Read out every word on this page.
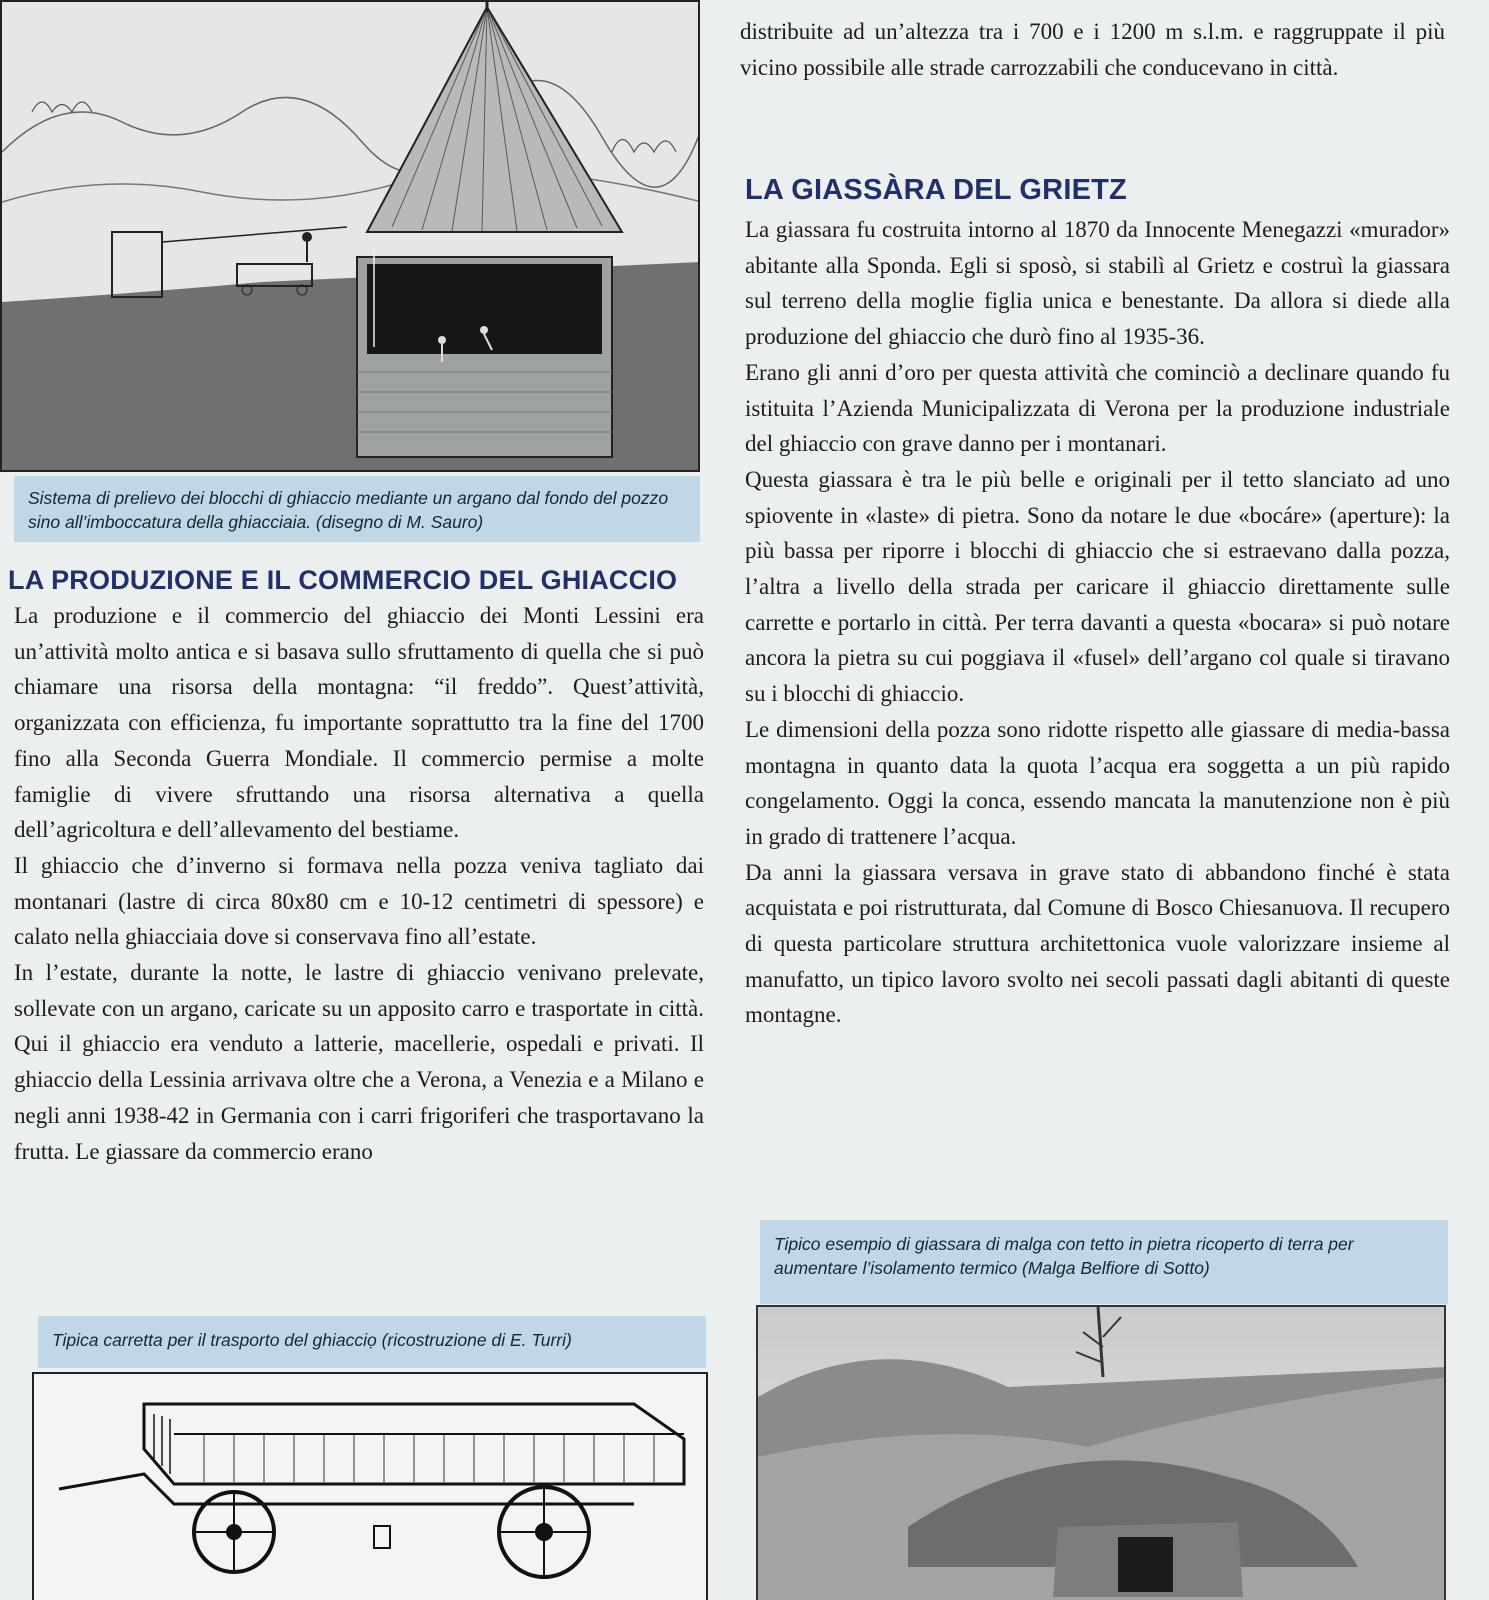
Sistema di prelievo dei blocchi di ghiaccio mediante un argano dal fondo del pozzo sino all’imboccatura della ghiacciaia. (disegno di M. Sauro)
LA PRODUZIONE E IL COMMERCIO DEL GHIACCIO

La produzione e il commercio del ghiaccio dei Monti Lessini era un’attività molto antica e si basava sullo sfruttamento di quella che si può chiamare una risorsa della montagna: “il freddo”. Quest’attività, organizzata con efficienza, fu importante soprattutto tra la fine del 1700 fino alla Seconda Guerra Mondiale. Il commercio permise a molte famiglie di vivere sfruttando una risorsa alternativa a quella dell’agricoltura e dell’allevamento del bestiame.

Il ghiaccio che d’inverno si formava nella pozza veniva tagliato dai montanari (lastre di circa 80x80 cm e 10-12 centimetri di spessore) e calato nella ghiacciaia dove si conservava fino all’estate.

In l’estate, durante la notte, le lastre di ghiaccio venivano prelevate, sollevate con un argano, caricate su un apposito carro e trasportate in città. Qui il ghiaccio era venduto a latterie, macellerie, ospedali e privati. Il ghiaccio della Lessinia arrivava oltre che a Verona, a Venezia e a Milano e negli anni 1938-42 in Germania con i carri frigoriferi che trasportavano la frutta. Le giassare da commercio erano

Tipica carretta per il trasporto del ghiacciọ (ricostruzione di E. Turri)
distribuite ad un’altezza tra i 700 e i 1200 m s.l.m. e raggruppate il più vicino possibile alle strade carrozzabili che conducevano in città.
LA GIASSÀRA DEL GRIETZ

La giassara fu costruita intorno al 1870 da Innocente Menegazzi «murador» abitante alla Sponda. Egli si sposò, si stabilì al Grietz e costruì la giassara sul terreno della moglie figlia unica e benestante. Da allora si diede alla produzione del ghiaccio che durò fino al 1935-36.

Erano gli anni d’oro per questa attività che cominciò a declinare quando fu istituita l’Azienda Municipalizzata di Verona per la produzione industriale del ghiaccio con grave danno per i montanari.

Questa giassara è tra le più belle e originali per il tetto slanciato ad uno spiovente in «laste» di pietra. Sono da notare le due «bocáre» (aperture): la più bassa per riporre i blocchi di ghiaccio che si estraevano dalla pozza, l’altra a livello della strada per caricare il ghiaccio direttamente sulle carrette e portarlo in città. Per terra davanti a questa «bocara» si può notare ancora la pietra su cui poggiava il «fusel» dell’argano col quale si tiravano su i blocchi di ghiaccio.

Le dimensioni della pozza sono ridotte rispetto alle giassare di media-bassa montagna in quanto data la quota l’acqua era soggetta a un più rapido congelamento. Oggi la conca, essendo mancata la manutenzione non è più in grado di trattenere l’acqua.

Da anni la giassara versava in grave stato di abbandono finché è stata acquistata e poi ristrutturata, dal Comune di Bosco Chiesanuova. Il recupero di questa particolare struttura architettonica vuole valorizzare insieme al manufatto, un tipico lavoro svolto nei secoli passati dagli abitanti di queste montagne.

Tipico esempio di giassara di malga con tetto in pietra ricoperto di terra per aumentare l’isolamento termico (Malga Belfiore di Sotto)
